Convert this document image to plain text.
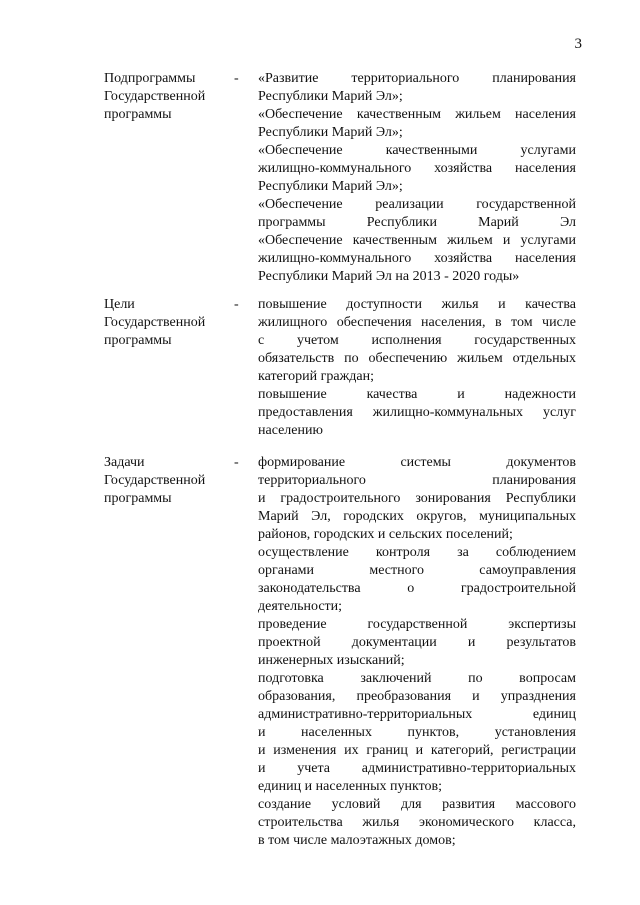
3
Подпрограммы
Государственной
программы
- «Развитие территориального планирования
Республики Марий Эл»;
«Обеспечение качественным жильем населения
Республики Марий Эл»;
«Обеспечение качественными услугами
жилищно-коммунального хозяйства населения
Республики Марий Эл»;
«Обеспечение реализации государственной
программы Республики Марий Эл
«Обеспечение качественным жильем и услугами
жилищно-коммунального хозяйства населения
Республики Марий Эл на 2013 - 2020 годы»
Цели
Государственной
программы
- повышение доступности жилья и качества
жилищного обеспечения населения, в том числе
с учетом исполнения государственных
обязательств по обеспечению жильем отдельных
категорий граждан;
повышение качества и надежности
предоставления жилищно-коммунальных услуг
населению
Задачи
Государственной
программы
- формирование системы документов
территориального планирования
и градостроительного зонирования Республики
Марий Эл, городских округов, муниципальных
районов, городских и сельских поселений;
осуществление контроля за соблюдением
органами местного самоуправления
законодательства о градостроительной
деятельности;
проведение государственной экспертизы
проектной документации и результатов
инженерных изысканий;
подготовка заключений по вопросам
образования, преобразования и упразднения
административно-территориальных единиц
и населенных пунктов, установления
и изменения их границ и категорий, регистрации
и учета административно-территориальных
единиц и населенных пунктов;
создание условий для развития массового
строительства жилья экономического класса,
в том числе малоэтажных домов;
